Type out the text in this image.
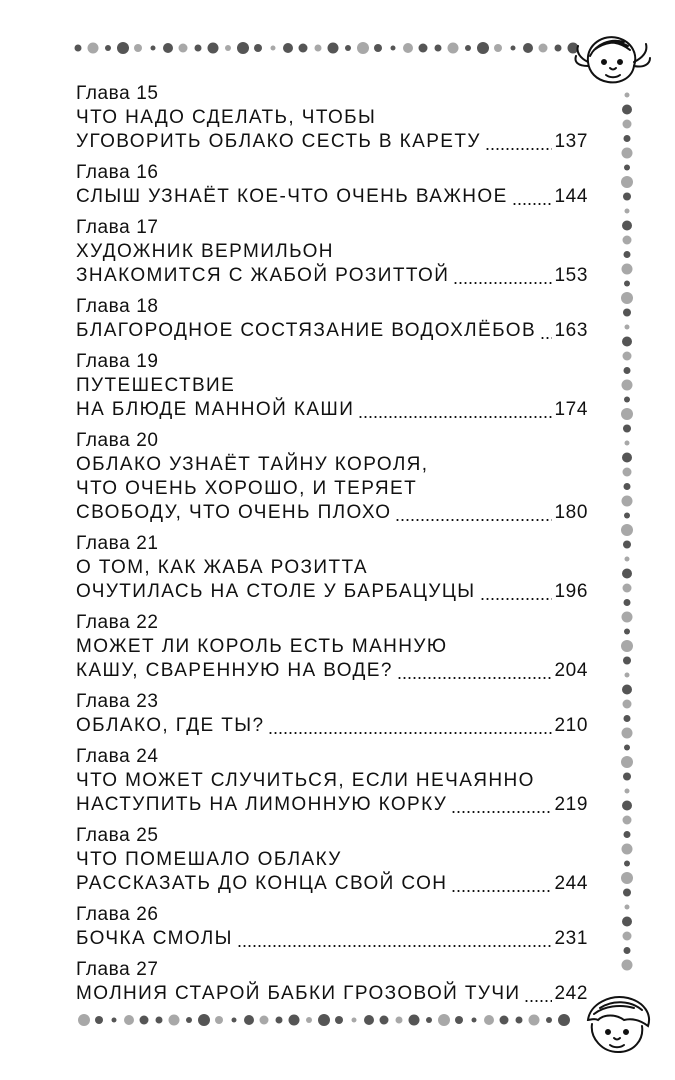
Глава 15
ЧТО НАДО СДЕЛАТЬ, ЧТОБЫ
УГОВОРИТЬ ОБЛАКО СЕСТЬ В КАРЕТУ	137
Глава 16
СЛЫШ УЗНАЁТ КОЕ-ЧТО ОЧЕНЬ ВАЖНОЕ 144
Глава 17
ХУДОЖНИК ВЕРМИЛЬОН
ЗНАКОМИТСЯ С ЖАБОЙ РОЗИТТОЙ	153
Глава 18
БЛАГОРОДНОЕ СОСТЯЗАНИЕ ВОДОХЛЁБОВ 163
Глава 19
ПУТЕШЕСТВИЕ
НА БЛЮДЕ МАННОЙ КАШИ	174
Глава 20
ОБЛАКО УЗНАЁТ ТАЙНУ КОРОЛЯ,
ЧТО ОЧЕНЬ ХОРОШО, И ТЕРЯЕТ
СВОБОДУ, ЧТО ОЧЕНЬ ПЛОХО	180
Глава 21
О ТОМ, КАК ЖАБА РОЗИТТА
ОЧУТИЛАСЬ НА СТОЛЕ У БАРБАЦУЦЫ	196
Глава 22
МОЖЕТ ЛИ КОРОЛЬ ЕСТЬ МАННУЮ
КАШУ, СВАРЕННУЮ НА ВОДЕ?	204
Глава 23
ОБЛАКО, ГДЕ ТЫ?	210
Глава 24
ЧТО МОЖЕТ СЛУЧИТЬСЯ, ЕСЛИ НЕЧАЯННО
НАСТУПИТЬ НА ЛИМОННУЮ КОРКУ	219
Глава 25
ЧТО ПОМЕШАЛО ОБЛАКУ
РАССКАЗАТЬ ДО КОНЦА СВОЙ СОН	244
Глава 26
БОЧКА СМОЛЫ	231
Глава 27
МОЛНИЯ СТАРОЙ БАБКИ ГРОЗОВОЙ ТУЧИ 242
